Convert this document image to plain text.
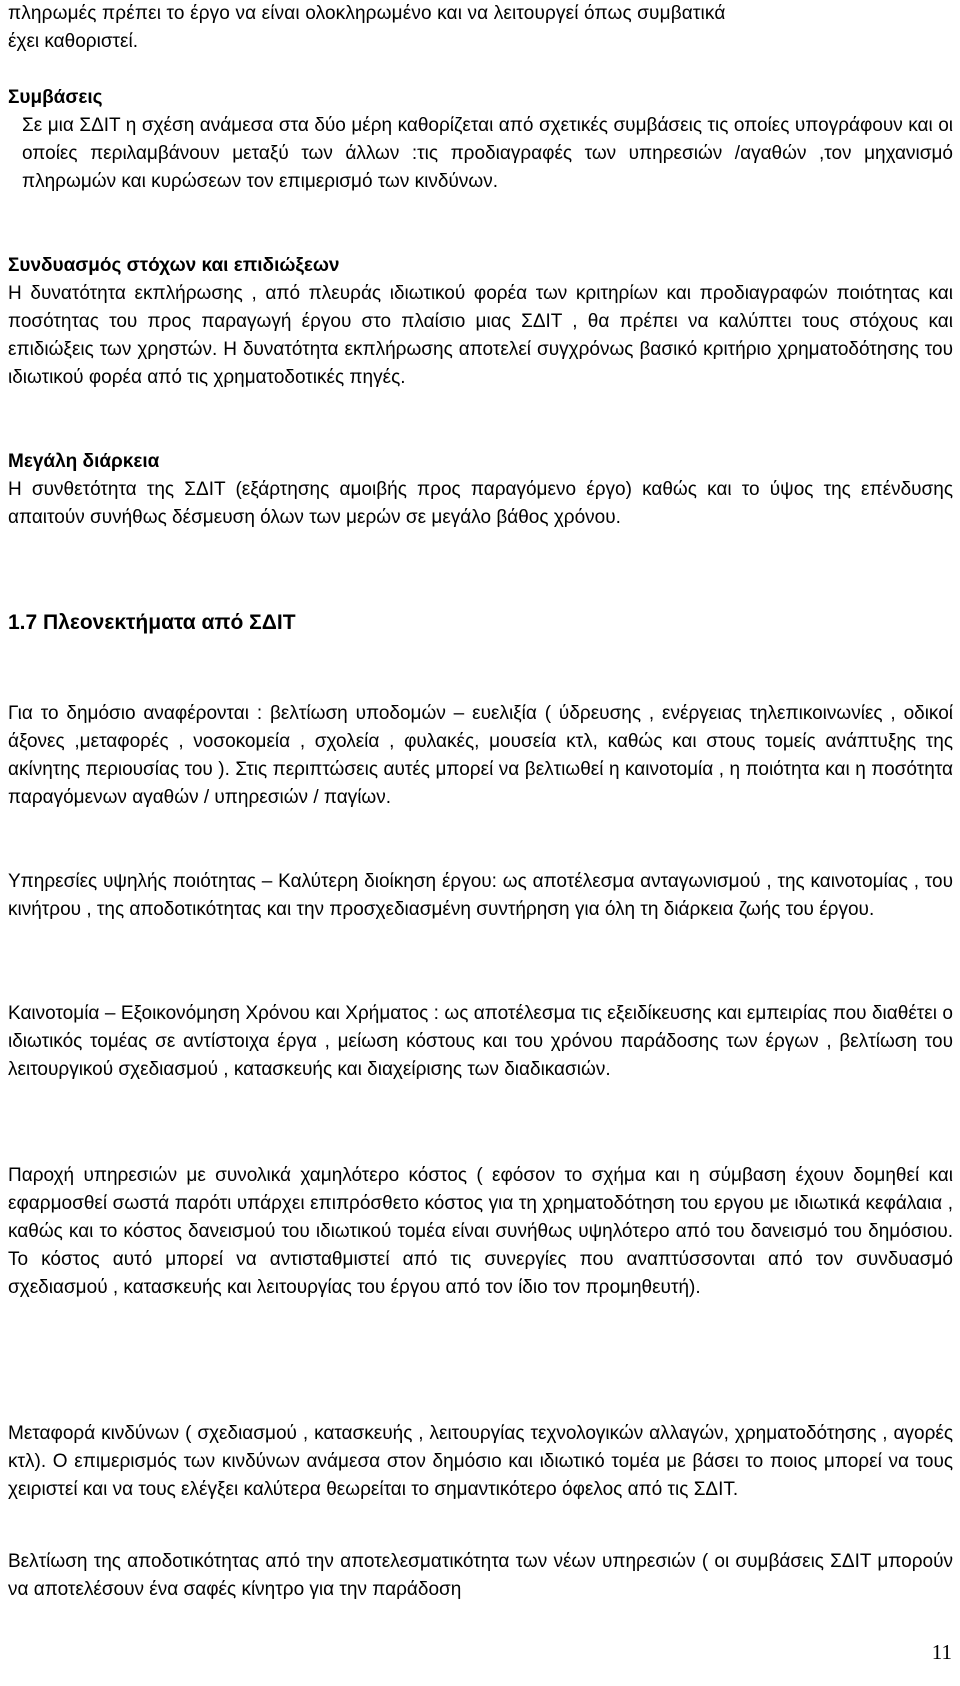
πληρωμές πρέπει το έργο να είναι ολοκληρωμένο και να λειτουργεί όπως συμβατικά

έχει καθοριστεί.

Συμβάσεις

Σε μια ΣΔΙΤ η σχέση ανάμεσα στα δύο μέρη καθορίζεται από σχετικές συμβάσεις τις οποίες υπογράφουν και οι οποίες περιλαμβάνουν μεταξύ των άλλων :τις προδιαγραφές των υπηρεσιών /αγαθών ,τον μηχανισμό πληρωμών και κυρώσεων τον επιμερισμό των κινδύνων.

Συνδυασμός στόχων και επιδιώξεων

Η δυνατότητα εκπλήρωσης , από πλευράς ιδιωτικού φορέα των κριτηρίων και προδιαγραφών ποιότητας και ποσότητας του προς παραγωγή έργου στο πλαίσιο μιας ΣΔΙΤ , θα πρέπει να καλύπτει τους στόχους και επιδιώξεις των χρηστών. Η δυνατότητα εκπλήρωσης αποτελεί συγχρόνως βασικό κριτήριο χρηματοδότησης του ιδιωτικού φορέα από τις χρηματοδοτικές πηγές.

Μεγάλη διάρκεια

Η συνθετότητα της ΣΔΙΤ (εξάρτησης αμοιβής προς παραγόμενο έργο) καθώς και το ύψος της επένδυσης απαιτούν συνήθως δέσμευση όλων των μερών σε μεγάλο βάθος χρόνου.

1.7 Πλεονεκτήματα από ΣΔΙΤ

Για το δημόσιο αναφέρονται : βελτίωση υποδομών – ευελιξία ( ύδρευσης , ενέργειας τηλεπικοινωνίες , οδικοί άξονες ,μεταφορές , νοσοκομεία , σχολεία , φυλακές, μουσεία κτλ, καθώς και στους τομείς ανάπτυξης της ακίνητης περιουσίας του ). Στις περιπτώσεις αυτές μπορεί να βελτιωθεί η καινοτομία , η ποιότητα και η ποσότητα παραγόμενων αγαθών / υπηρεσιών / παγίων.

Υπηρεσίες υψηλής ποιότητας – Καλύτερη διοίκηση έργου: ως αποτέλεσμα ανταγωνισμού , της καινοτομίας , του κινήτρου , της αποδοτικότητας και την προσχεδιασμένη συντήρηση για όλη τη διάρκεια ζωής του έργου.

Καινοτομία – Εξοικονόμηση Χρόνου και Χρήματος : ως αποτέλεσμα τις εξειδίκευσης και εμπειρίας που διαθέτει ο ιδιωτικός τομέας σε αντίστοιχα έργα , μείωση κόστους και του χρόνου παράδοσης των έργων , βελτίωση του λειτουργικού σχεδιασμού , κατασκευής και διαχείρισης των διαδικασιών.

Παροχή υπηρεσιών με συνολικά χαμηλότερο κόστος ( εφόσον το σχήμα και η σύμβαση έχουν δομηθεί και εφαρμοσθεί σωστά παρότι υπάρχει επιπρόσθετο κόστος για τη χρηματοδότηση του εργου με ιδιωτικά κεφάλαια , καθώς και το κόστος δανεισμού του ιδιωτικού τομέα είναι συνήθως υψηλότερο από του δανεισμό του δημόσιου. Το κόστος αυτό μπορεί να αντισταθμιστεί από τις συνεργίες που αναπτύσσονται από τον συνδυασμό σχεδιασμού , κατασκευής και λειτουργίας του έργου από τον ίδιο τον προμηθευτή).

Μεταφορά κινδύνων ( σχεδιασμού , κατασκευής , λειτουργίας τεχνολογικών αλλαγών, χρηματοδότησης , αγορές κτλ). Ο επιμερισμός των κινδύνων ανάμεσα στον δημόσιο και ιδιωτικό τομέα με βάσει το ποιος μπορεί να τους χειριστεί και να τους ελέγξει καλύτερα θεωρείται το σημαντικότερο όφελος από τις ΣΔΙΤ.

Βελτίωση της αποδοτικότητας από την αποτελεσματικότητα των νέων υπηρεσιών ( οι συμβάσεις ΣΔΙΤ μπορούν να αποτελέσουν ένα σαφές κίνητρο για την παράδοση

11
